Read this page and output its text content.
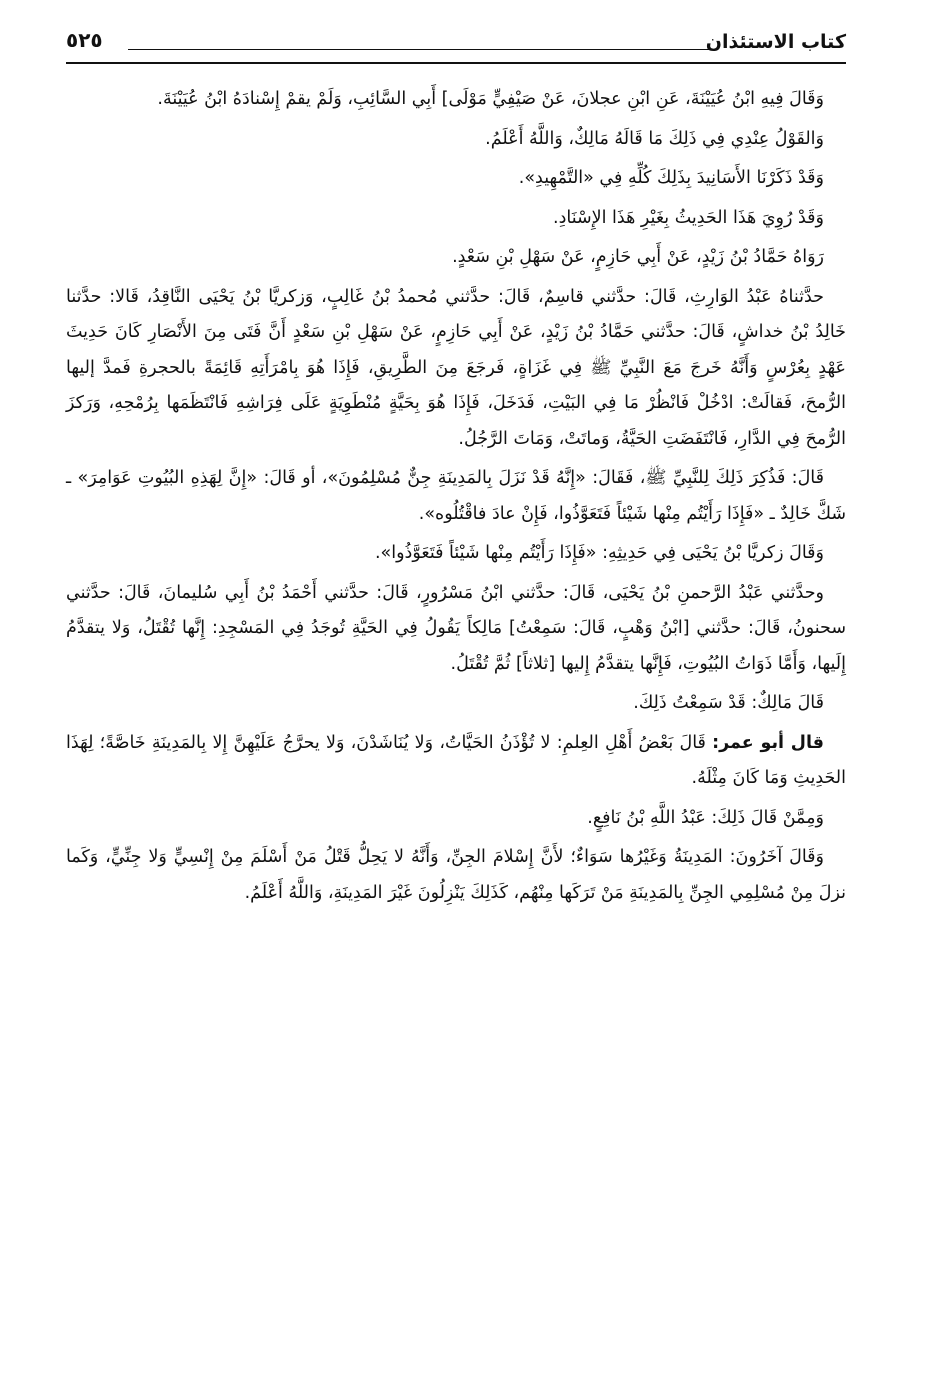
كتاب الاستئذان
٥٢٥

وَقَالَ فِيهِ ابْنُ عُيَيْنَةَ، عَنِ ابْنِ عجلانَ، عَنْ صَيْفِيٍّ مَوْلَى] أَبِي السَّائِبِ، وَلَمْ يقمْ إِسْنادَهُ ابْنُ عُيَيْنَةَ.

وَالقَوْلُ عِنْدِي فِي ذَلِكَ مَا قَالَهُ مَالِكٌ، وَاللَّهُ أَعْلَمُ.

وَقَدْ ذَكَرْنَا الأَسَانِيدَ بِذَلِكَ كُلِّهِ فِي «التَّمْهِيدِ».

وَقَدْ رُوِيَ هَذَا الحَدِيثُ بِغَيْرِ هَذَا الإِسْنَادِ.

رَوَاهُ حَمَّادُ بْنُ زَيْدٍ، عَنْ أَبِي حَازِمٍ، عَنْ سَهْلِ بْنِ سَعْدٍ.

حدَّثناهُ عَبْدُ الوَارِثِ، قَالَ: حدَّثني قاسِمٌ، قَالَ: حدَّثني مُحمدُ بْنُ غَالِبٍ، وَزكريَّا بْنُ يَحْيَى النَّاقِدُ، قَالا: حدَّثنا خَالِدُ بْنُ خداشٍ، قَالَ: حدَّثني حَمَّادُ بْنُ زَيْدٍ، عَنْ أَبِي حَازِمٍ، عَنْ سَهْلِ بْنِ سَعْدٍ أَنَّ فَتَى مِنَ الأَنْصَارِ كَانَ حَدِيثَ عَهْدٍ بِعُرْسٍ وَأَنَّهُ خَرجَ مَعَ النَّبِيِّ ﷺ فِي غَزَاةٍ، فَرجَعَ مِنَ الطَّرِيقِ، فَإِذَا هُوَ بِامْرَأَتِهِ قَائِمَةً بالحجرةِ فَمدَّ إليها الرُّمحَ، فَقالَتْ: ادْخُلْ فَانْظُرْ مَا فِي البَيْتِ، فَدَخَلَ، فَإِذَا هُوَ بِحَيَّةٍ مُنْطَوِيَةٍ عَلَى فِرَاشِهِ فَانْتَظَمَها بِرُمْحِهِ، وَرَكزَ الرُّمحَ فِي الدَّارِ، فَانْتَفَضَتِ الحَيَّةُ، وَماتَتْ، وَمَاتَ الرَّجُلُ.

قَالَ: فَذُكِرَ ذَلِكَ لِلنَّبِيِّ ﷺ، فَقَالَ: «إِنَّهُ قَدْ نَزَلَ بِالمَدِينَةِ جِنٌّ مُسْلِمُونَ»، أو قَالَ: «إِنَّ لِهَذِهِ البُيُوتِ عَوَامِرَ» ـ شَكَّ خَالِدٌ ـ «فَإِذَا رَأَيْتُم مِنْها شَيْئاً فَتَعَوَّذُوا، فَإِنْ عادَ فاقْتُلُوه».

وَقَالَ زكريَّا بْنُ يَحْيَى فِي حَدِيثِهِ: «فَإِذَا رَأَيْتُم مِنْها شَيْئاً فَتَعَوَّذُوا».

وحدَّثني عَبْدُ الرَّحمنِ بْنُ يَحْيَى، قَالَ: حدَّثني ابْنُ مَسْرُورٍ، قَالَ: حدَّثني أَحْمَدُ بْنُ أَبِي سُليمانَ، قَالَ: حدَّثني سحنونُ، قَالَ: حدَّثني [ابْنُ وَهْبٍ، قَالَ: سَمِعْتُ] مَالِكاً يَقُولُ فِي الحَيَّةِ تُوجَدُ فِي المَسْجِدِ: إِنَّها تُقْتَلُ، وَلا يتقدَّمُ إِلَيها، وَأَمَّا ذَوَاتُ البُيُوتِ، فَإِنَّها يتقدَّمُ إِليها [ثلاثاً] ثُمَّ تُقْتَلُ.

قَالَ مَالِكٌ: قَدْ سَمِعْتُ ذَلِكَ.

قال أبو عمر: قَالَ بَعْضُ أَهْلِ العِلمِ: لا تُؤْذَنُ الحَيَّاتُ، وَلا يُنَاشَدْنَ، وَلا يحرَّجُ عَلَيْهِنَّ إِلا بِالمَدِينَةِ خَاصَّةً؛ لِهَذَا الحَدِيثِ وَمَا كَانَ مِثْلَهُ.

وَمِمَّنْ قَالَ ذَلِكَ: عَبْدُ اللَّهِ بْنُ نَافِعٍ.

وَقَالَ آخَرُونَ: المَدِينَةُ وَغَيْرُها سَوَاءٌ؛ لأَنَّ إِسْلامَ الجِنِّ، وَأَنَّهُ لا يَحِلُّ قَتْلُ مَنْ أَسْلَمَ مِنْ إِنْسِيٍّ وَلا جِنِّيٍّ، وَكَما نزلَ مِنْ مُسْلِمِي الجِنِّ بِالمَدِينَةِ مَنْ تَرَكَها مِنْهُم، كَذَلِكَ يَنْزِلُونَ غَيْرَ المَدِينَةِ، وَاللَّهُ أَعْلَمُ.
